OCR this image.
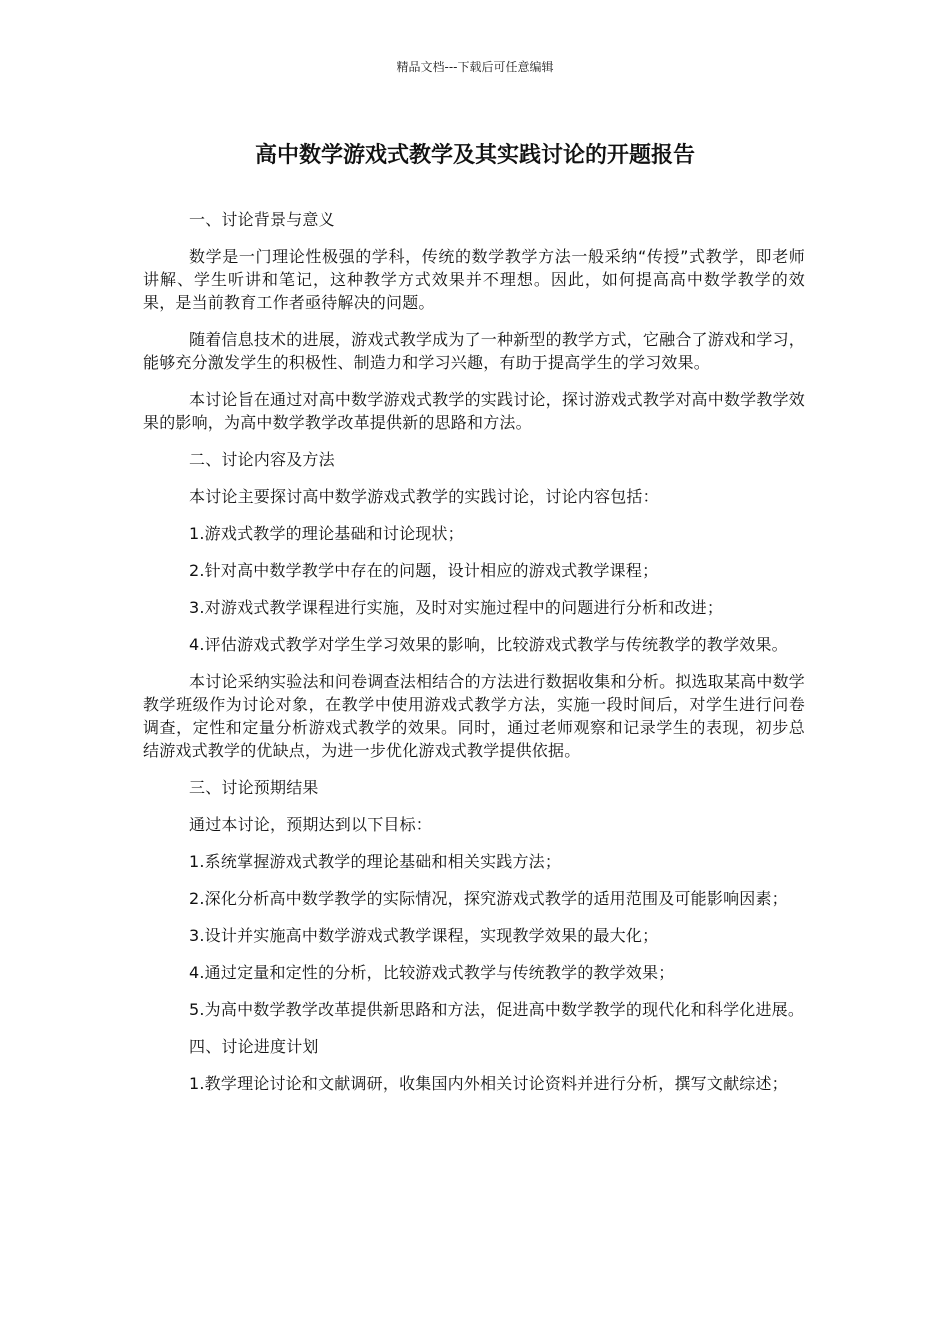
精品文档---下载后可任意编辑
高中数学游戏式教学及其实践讨论的开题报告

一、讨论背景与意义

数学是一门理论性极强的学科，传统的数学教学方法一般采纳“传授”式教学，即老师讲解、学生听讲和笔记，这种教学方式效果并不理想。因此，如何提高高中数学教学的效果，是当前教育工作者亟待解决的问题。

随着信息技术的进展，游戏式教学成为了一种新型的教学方式，它融合了游戏和学习，能够充分激发学生的积极性、制造力和学习兴趣，有助于提高学生的学习效果。

本讨论旨在通过对高中数学游戏式教学的实践讨论，探讨游戏式教学对高中数学教学效果的影响，为高中数学教学改革提供新的思路和方法。

二、讨论内容及方法

本讨论主要探讨高中数学游戏式教学的实践讨论，讨论内容包括：

1.游戏式教学的理论基础和讨论现状；

2.针对高中数学教学中存在的问题，设计相应的游戏式教学课程；

3.对游戏式教学课程进行实施，及时对实施过程中的问题进行分析和改进；

4.评估游戏式教学对学生学习效果的影响，比较游戏式教学与传统教学的教学效果。

本讨论采纳实验法和问卷调查法相结合的方法进行数据收集和分析。拟选取某高中数学教学班级作为讨论对象，在教学中使用游戏式教学方法，实施一段时间后，对学生进行问卷调查，定性和定量分析游戏式教学的效果。同时，通过老师观察和记录学生的表现，初步总结游戏式教学的优缺点，为进一步优化游戏式教学提供依据。

三、讨论预期结果

通过本讨论，预期达到以下目标：

1.系统掌握游戏式教学的理论基础和相关实践方法；

2.深化分析高中数学教学的实际情况，探究游戏式教学的适用范围及可能影响因素；

3.设计并实施高中数学游戏式教学课程，实现教学效果的最大化；

4.通过定量和定性的分析，比较游戏式教学与传统教学的教学效果；

5.为高中数学教学改革提供新思路和方法，促进高中数学教学的现代化和科学化进展。

四、讨论进度计划

1.教学理论讨论和文献调研，收集国内外相关讨论资料并进行分析，撰写文献综述；
